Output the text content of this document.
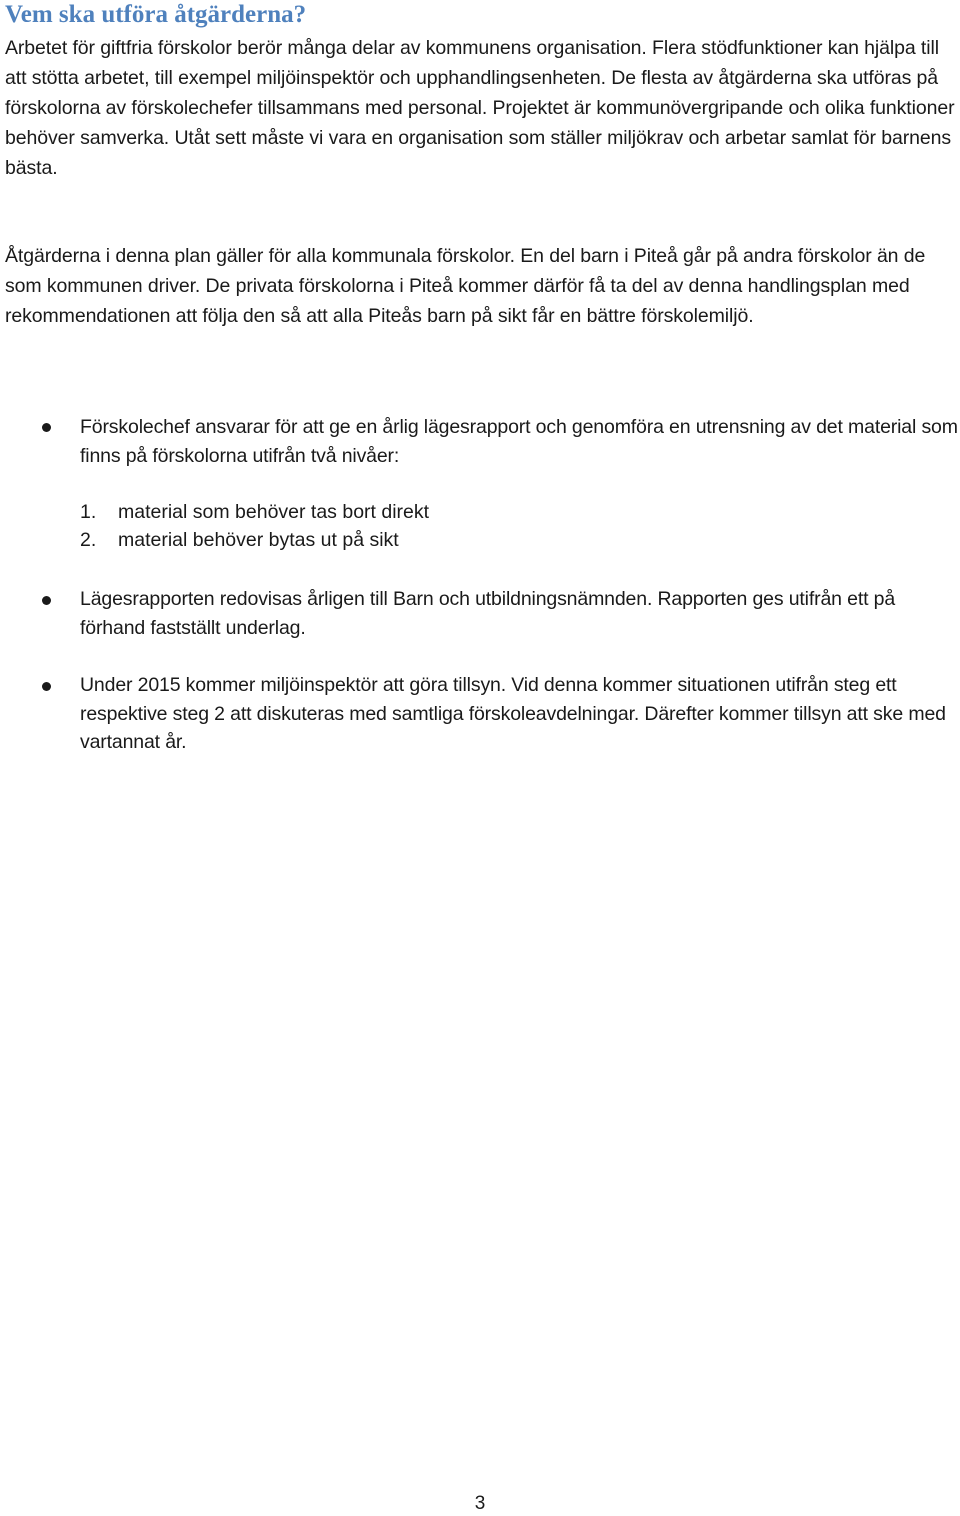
Vem ska utföra åtgärderna?

Arbetet för giftfria förskolor berör många delar av kommunens organisation. Flera stödfunktioner kan hjälpa till att stötta arbetet, till exempel miljöinspektör och upphandlingsenheten. De flesta av åtgärderna ska utföras på förskolorna av förskolechefer tillsammans med personal. Projektet är kommunövergripande och olika funktioner behöver samverka. Utåt sett måste vi vara en organisation som ställer miljökrav och arbetar samlat för barnens bästa.

Åtgärderna i denna plan gäller för alla kommunala förskolor. En del barn i Piteå går på andra förskolor än de som kommunen driver. De privata förskolorna i Piteå kommer därför få ta del av denna handlingsplan med rekommendationen att följa den så att alla Piteås barn på sikt får en bättre förskolemiljö.

Förskolechef ansvarar för att ge en årlig lägesrapport och genomföra en utrensning av det material som finns på förskolorna utifrån två nivåer:

1. material som behöver tas bort direkt
2. material behöver bytas ut på sikt

Lägesrapporten redovisas årligen till Barn och utbildningsnämnden. Rapporten ges utifrån ett på förhand fastställt underlag.

Under 2015 kommer miljöinspektör att göra tillsyn. Vid denna kommer situationen utifrån steg ett respektive steg 2 att diskuteras med samtliga förskoleavdelningar. Därefter kommer tillsyn att ske med vartannat år.

3
